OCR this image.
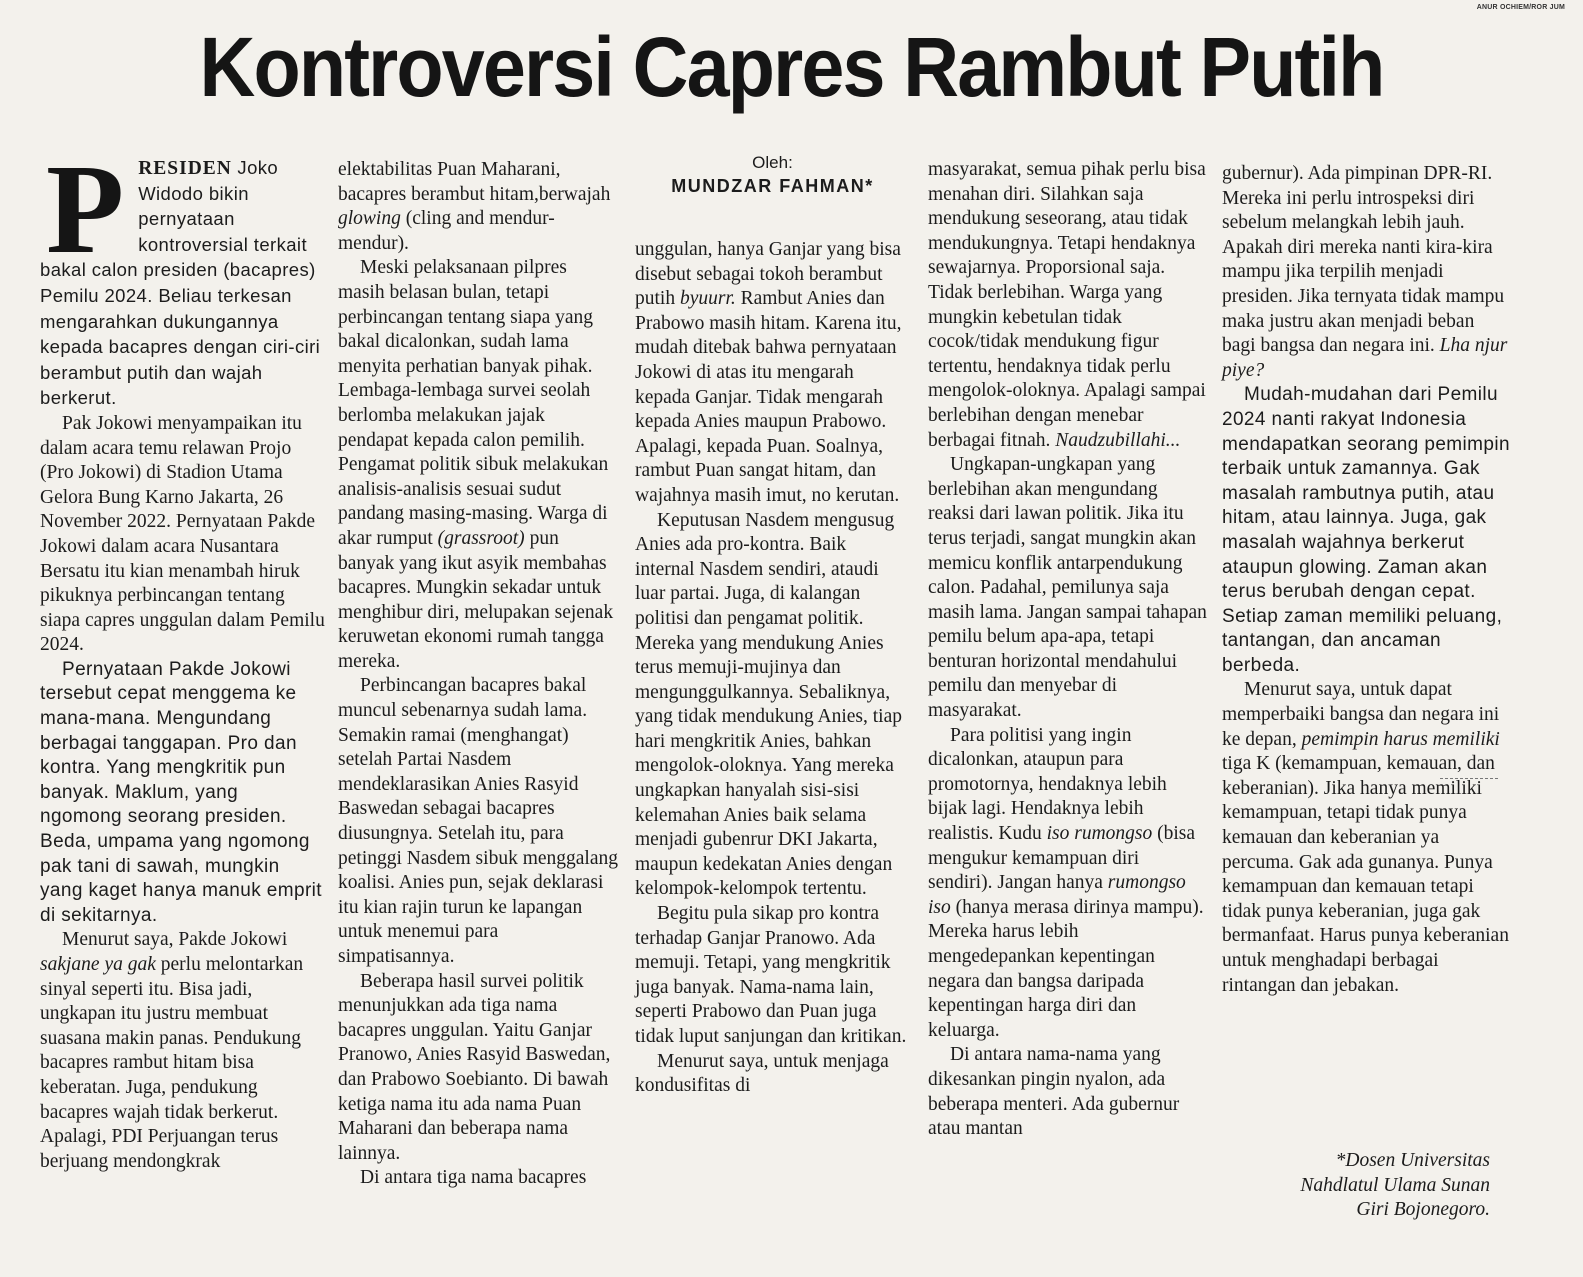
ANUR OCHIEM/ROR JUM
Kontroversi Capres Rambut Putih

PRESIDEN Joko Widodo bikin pernyataan kontroversial terkait bakal calon presiden (bacapres) Pemilu 2024. Beliau terkesan mengarahkan dukungannya kepada bacapres dengan ciri-ciri berambut putih dan wajah berkerut.

Pak Jokowi menyampaikan itu dalam acara temu relawan Projo (Pro Jokowi) di Stadion Utama Gelora Bung Karno Jakarta, 26 November 2022. Pernyataan Pakde Jokowi dalam acara Nusantara Bersatu itu kian menambah hiruk pikuknya perbincangan tentang siapa capres unggulan dalam Pemilu 2024.

Pernyataan Pakde Jokowi tersebut cepat menggema ke mana-mana. Mengundang berbagai tanggapan. Pro dan kontra. Yang mengkritik pun banyak. Maklum, yang ngomong seorang presiden. Beda, umpama yang ngomong pak tani di sawah, mungkin yang kaget hanya manuk emprit di sekitarnya.

Menurut saya, Pakde Jokowi sakjane ya gak perlu melontarkan sinyal seperti itu. Bisa jadi, ungkapan itu justru membuat suasana makin panas. Pendukung bacapres rambut hitam bisa keberatan. Juga, pendukung bacapres wajah tidak berkerut. Apalagi, PDI Perjuangan terus berjuang mendongkrak

elektabilitas Puan Maharani, bacapres berambut hitam,berwajah glowing (cling and mendur-mendur).

Meski pelaksanaan pilpres masih belasan bulan, tetapi perbincangan tentang siapa yang bakal dicalonkan, sudah lama menyita perhatian banyak pihak. Lembaga-lembaga survei seolah berlomba melakukan jajak pendapat kepada calon pemilih. Pengamat politik sibuk melakukan analisis-analisis sesuai sudut pandang masing-masing. Warga di akar rumput (grassroot) pun banyak yang ikut asyik membahas bacapres. Mungkin sekadar untuk menghibur diri, melupakan sejenak keruwetan ekonomi rumah tangga mereka.

Perbincangan bacapres bakal muncul sebenarnya sudah lama. Semakin ramai (menghangat) setelah Partai Nasdem mendeklarasikan Anies Rasyid Baswedan sebagai bacapres diusungnya. Setelah itu, para petinggi Nasdem sibuk menggalang koalisi. Anies pun, sejak deklarasi itu kian rajin turun ke lapangan untuk menemui para simpatisannya.

Beberapa hasil survei politik menunjukkan ada tiga nama bacapres unggulan. Yaitu Ganjar Pranowo, Anies Rasyid Baswedan, dan Prabowo Soebianto. Di bawah ketiga nama itu ada nama Puan Maharani dan beberapa nama lainnya.

Di antara tiga nama bacapres

Oleh:
MUNDZAR FAHMAN*

unggulan, hanya Ganjar yang bisa disebut sebagai tokoh berambut putih byuurr. Rambut Anies dan Prabowo masih hitam. Karena itu, mudah ditebak bahwa pernyataan Jokowi di atas itu mengarah kepada Ganjar. Tidak mengarah kepada Anies maupun Prabowo. Apalagi, kepada Puan. Soalnya, rambut Puan sangat hitam, dan wajahnya masih imut, no kerutan.

Keputusan Nasdem mengusug Anies ada pro-kontra. Baik internal Nasdem sendiri, ataudi luar partai. Juga, di kalangan politisi dan pengamat politik. Mereka yang mendukung Anies terus memuji-mujinya dan mengunggulkannya. Sebaliknya, yang tidak mendukung Anies, tiap hari mengkritik Anies, bahkan mengolok-oloknya. Yang mereka ungkapkan hanyalah sisi-sisi kelemahan Anies baik selama menjadi gubenrur DKI Jakarta, maupun kedekatan Anies dengan kelompok-kelompok tertentu.

Begitu pula sikap pro kontra terhadap Ganjar Pranowo. Ada memuji. Tetapi, yang mengkritik juga banyak. Nama-nama lain, seperti Prabowo dan Puan juga tidak luput sanjungan dan kritikan.

Menurut saya, untuk menjaga kondusifitas di

masyarakat, semua pihak perlu bisa menahan diri. Silahkan saja mendukung seseorang, atau tidak mendukungnya. Tetapi hendaknya sewajarnya. Proporsional saja. Tidak berlebihan. Warga yang mungkin kebetulan tidak cocok/tidak mendukung figur tertentu, hendaknya tidak perlu mengolok-oloknya. Apalagi sampai berlebihan dengan menebar berbagai fitnah. Naudzubillahi...

Ungkapan-ungkapan yang berlebihan akan mengundang reaksi dari lawan politik. Jika itu terus terjadi, sangat mungkin akan memicu konflik antarpendukung calon. Padahal, pemilunya saja masih lama. Jangan sampai tahapan pemilu belum apa-apa, tetapi benturan horizontal mendahului pemilu dan menyebar di masyarakat.

Para politisi yang ingin dicalonkan, ataupun para promotornya, hendaknya lebih bijak lagi. Hendaknya lebih realistis. Kudu iso rumongso (bisa mengukur kemampuan diri sendiri). Jangan hanya rumongso iso (hanya merasa dirinya mampu). Mereka harus lebih mengedepankan kepentingan negara dan bangsa daripada kepentingan harga diri dan keluarga.

Di antara nama-nama yang dikesankan pingin nyalon, ada beberapa menteri. Ada gubernur atau mantan

gubernur). Ada pimpinan DPR-RI. Mereka ini perlu introspeksi diri sebelum melangkah lebih jauh. Apakah diri mereka nanti kira-kira mampu jika terpilih menjadi presiden. Jika ternyata tidak mampu maka justru akan menjadi beban bagi bangsa dan negara ini. Lha njur piye?

Mudah-mudahan dari Pemilu 2024 nanti rakyat Indonesia mendapatkan seorang pemimpin terbaik untuk zamannya. Gak masalah rambutnya putih, atau hitam, atau lainnya. Juga, gak masalah wajahnya berkerut ataupun glowing. Zaman akan terus berubah dengan cepat. Setiap zaman memiliki peluang, tantangan, dan ancaman berbeda.

Menurut saya, untuk dapat memperbaiki bangsa dan negara ini ke depan, pemimpin harus memiliki tiga K (kemampuan, kemauan, dan keberanian). Jika hanya memiliki kemampuan, tetapi tidak punya kemauan dan keberanian ya percuma. Gak ada gunanya. Punya kemampuan dan kemauan tetapi tidak punya keberanian, juga gak bermanfaat. Harus punya keberanian untuk menghadapi berbagai rintangan dan jebakan.

*Dosen Universitas
Nahdlatul Ulama Sunan
Giri Bojonegoro.
